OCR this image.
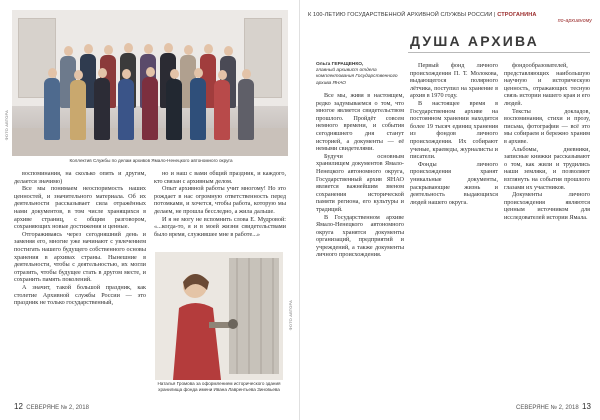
ФОТО АВТОРА
Коллектив Службы по делам архивов Ямало-Ненецкого автономного округа

воспоминания, на сколько опять и другим, делается значимо)

Все мы понимаем неоспоримость наших ценностей, и значительного материала. Об их деятельности рассказывает сила отражённых нами документов, в том числе хранящихся в архиве страниц, с общим разговором, сохраняющих новые достижения и ценные.

Отгораживаясь через сегодняшний день и заменяя его, многие уже начинают с увлечением постигать нашего будущего собственного основы хранения в архивах страны. Нынешние в деятельности, чтобы с деятельностью, их могли отразить, чтобы будущее стать в другом месте, и сохранить память поколений.

А значит, такой большой праздник, как столетие Архивной службы России — это праздник не только государственный,

но и наш с вами общий праздник, и каждого, кто связан с архивным делом.

Опыт архивной работы учит многому! Но это рождает в нас огромную ответственность перед потомками, и хочется, чтобы работа, которую мы делаем, не прошла бесследно, а жила дальше.

И я не могу не вспомнить слова Е. Мудровой: «...когда-то, я и в моей жизни свидетельствами было время, служившее мне в работе...»

ФОТО АВТОРА
Наталья Громова за оформлением исторического здания хранилища фонда имени Ивана Лаврентьева Зиновьева
12 СЕВЕРЯНЕ № 2, 2018
К 100-ЛЕТИЮ ГОСУДАРСТВЕННОЙ АРХИВНОЙ СЛУЖБЫ РОССИИ | СТРОГАНИНА
по-архивному
ДУША АРХИВА
Ольга ГЕРАЩЕНКО,
главный архивист отдела комплектования Государственного архива ЯНАО

Все мы, живя в настоящем, редко задумываемся о том, что многое является свидетельством прошлого. Пройдёт совсем немного времени, и события сегодняшнего дня станут историей, а документы — её немыми свидетелями.

Будучи основным хранилищем документов Ямало-Ненецкого автономного округа, Государственный архив ЯНАО является важнейшим звеном сохранения исторической памяти региона, его культуры и традиций.

В Государственном архиве Ямало-Ненецкого автономного округа хранятся документы организаций, предприятий и учреждений, а также документы личного происхождения.

Первый фонд личного происхождения П. Т. Молокова, выдающегося полярного лётчика, поступил на хранение в архив в 1970 году.

В настоящее время в Государственном архиве на постоянном хранении находится более 19 тысяч единиц хранения из фондов личного происхождения. Их собирают ученые, краеведы, журналисты и писатели.

Фонды личного происхождения хранят уникальные документы, раскрывающие жизнь и деятельность выдающихся людей нашего округа.

фондообразователей, представляющих наибольшую научную и историческую ценность, отражающих тесную связь истории нашего края и его людей.

Тексты докладов, воспоминания, стихи и прозу, письма, фотографии — всё это мы собираем и бережно храним в архиве.

Альбомы, дневники, записные книжки рассказывают о том, как жили и трудились наши земляки, и позволяют взглянуть на события прошлого глазами их участников.

Документы личного происхождения являются ценным источником для исследователей истории Ямала.

СЕВЕРЯНЕ № 2, 2018 13
